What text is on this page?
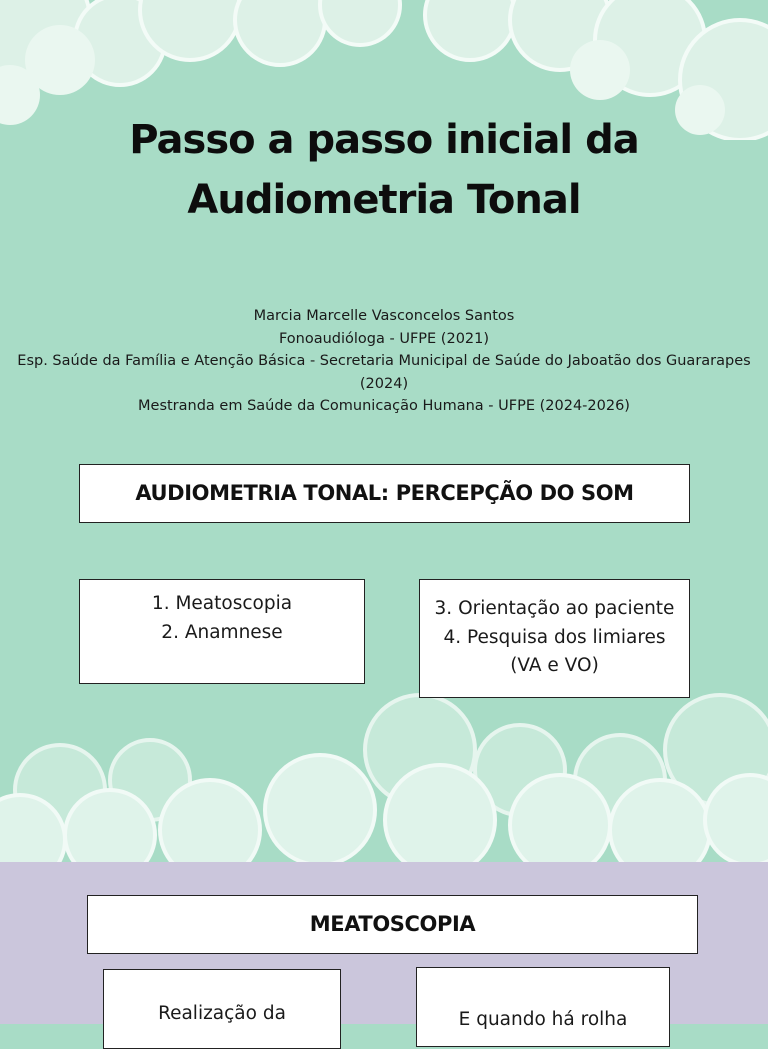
Passo a passo inicial da
Audiometria Tonal
Marcia Marcelle Vasconcelos Santos
Fonoaudióloga - UFPE (2021)
Esp. Saúde da Família e Atenção Básica - Secretaria Municipal de Saúde do Jaboatão dos Guararapes (2024)
Mestranda em Saúde da Comunicação Humana - UFPE (2024-2026)
AUDIOMETRIA TONAL: PERCEPÇÃO DO SOM
1. Meatoscopia
2. Anamnese
3. Orientação ao paciente
4. Pesquisa dos limiares
(VA e VO)
MEATOSCOPIA
Realização da	E quando há rolha
